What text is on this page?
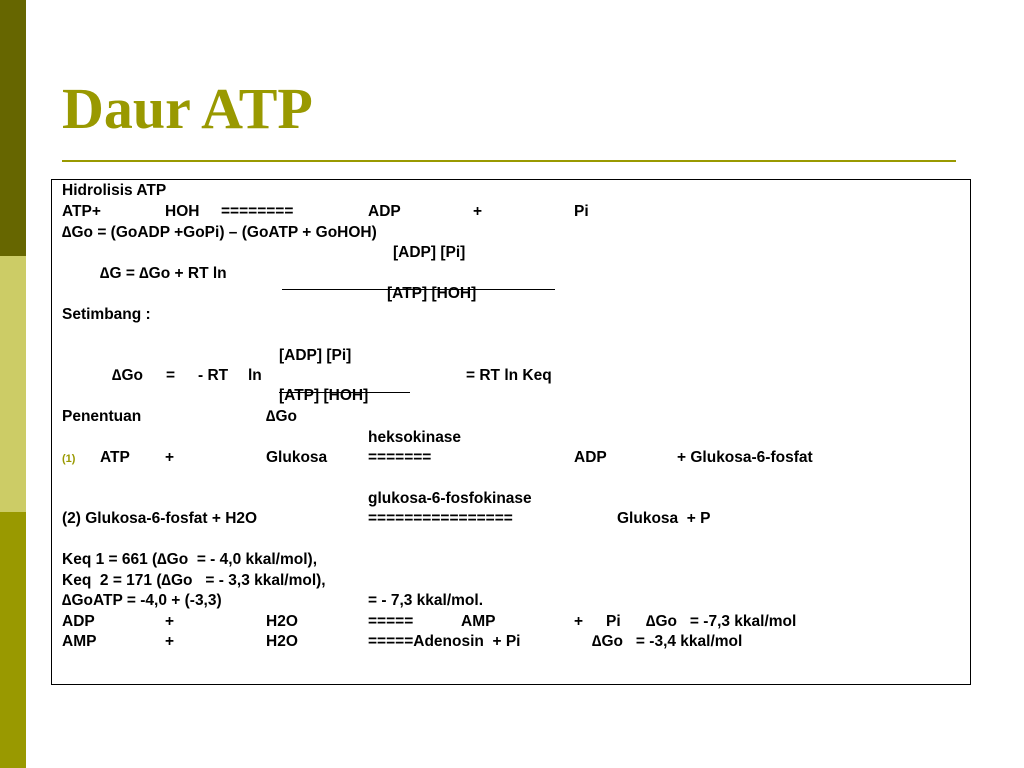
Daur ATP
Hidrolisis ATP
ATP+	HOH ========	ADP	+	Pi
∆Go = (GoADP +GoPi) – (GoATP + GoHOH)
[ADP] [Pi]
∆G = ∆Go + RT ln
[ATP] [HOH]
Setimbang :
[ADP] [Pi]
∆Go = - RT ln	= RT ln Keq
[ATP] [HOH]
Penentuan	∆Go
heksokinase
(1) ATP +	Glukosa	=======	ADP	+ Glukosa-6-fosfat
glukosa-6-fosfokinase
(2) Glukosa-6-fosfat + H2O	================	Glukosa  + P
Keq 1 = 661 (∆Go  = - 4,0 kkal/mol),
Keq  2 = 171 (∆Go   = - 3,3 kkal/mol),
∆GoATP = -4,0 + (-3,3)	= - 7,3 kkal/mol.
ADP	+	H2O	=====	AMP	+ Pi ∆Go   = -7,3 kkal/mol
AMP	+	H2O	=====Adenosin  + Pi	∆Go   = -3,4 kkal/mol
